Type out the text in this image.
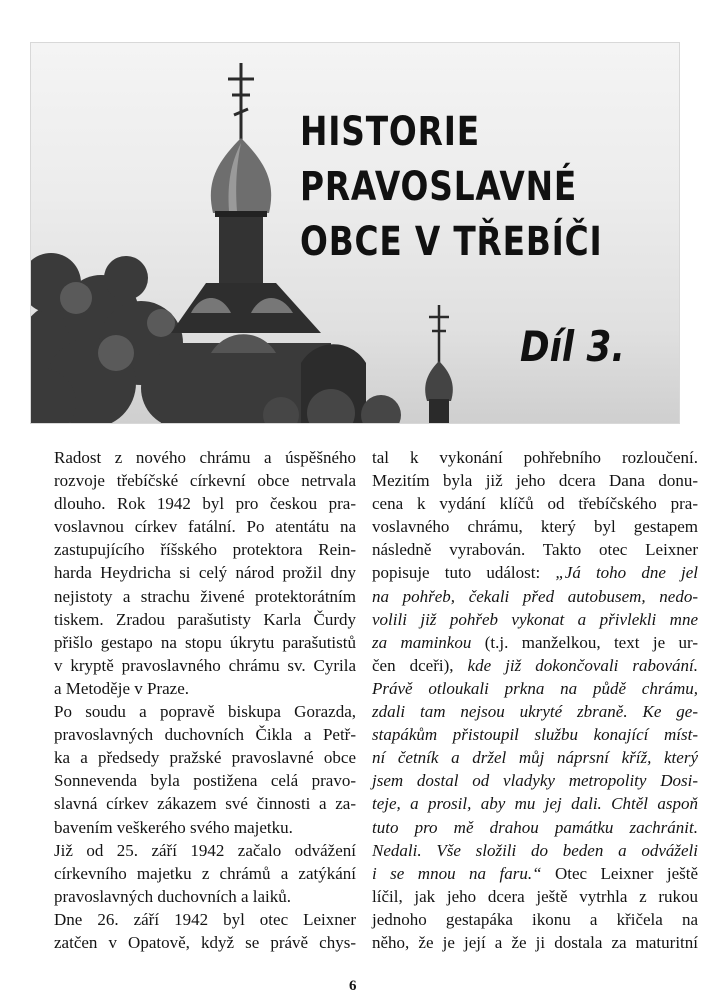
HISTORIE
PRAVOSLAVNÉ
OBCE V TŘEBÍČI
Díl 3.

Radost z nového chrámu a úspěšného
rozvoje třebíčské církevní obce netrvala
dlouho. Rok 1942 byl pro českou pra-
voslavnou církev fatální. Po atentátu na
zastupujícího říšského protektora Rein-
harda Heydricha si celý národ prožil dny
nejistoty a strachu živené protektorátním
tiskem. Zradou parašutisty Karla Čurdy
přišlo gestapo na stopu úkrytu parašutistů
v kryptě pravoslavného chrámu sv. Cyrila
a Metoděje v Praze.

Po soudu a popravě biskupa Gorazda,
pravoslavných duchovních Čikla a Petř-
ka a předsedy pražské pravoslavné obce
Sonnevenda byla postižena celá pravo-
slavná církev zákazem své činnosti a za-
bavením veškerého svého majetku.

Již od 25. září 1942 začalo odvážení
církevního majetku z chrámů a zatýkání
pravoslavných duchovních a laiků.

Dne 26. září 1942 byl otec Leixner
zatčen v Opatově, když se právě chys-

tal k vykonání pohřebního rozloučení.
Mezitím byla již jeho dcera Dana donu-
cena k vydání klíčů od třebíčského pra-
voslavného chrámu, který byl gestapem
následně vyrabován. Takto otec Leixner
popisuje tuto událost: „Já toho dne jel
na pohřeb, čekali před autobusem, nedo-
volili již pohřeb vykonat a přivlekli mne
za maminkou (t.j. manželkou, text je ur-
čen dceři), kde již dokončovali rabování.
Právě otloukali prkna na půdě chrámu,
zdali tam nejsou ukryté zbraně. Ke ge-
stapákům přistoupil službu konající míst-
ní četník a držel můj náprsní kříž, který
jsem dostal od vladyky metropolity Dosi-
teje, a prosil, aby mu jej dali. Chtěl aspoň
tuto pro mě drahou památku zachránit.
Nedali. Vše složili do beden a odváželi
i se mnou na faru.“ Otec Leixner ještě
líčil, jak jeho dcera ještě vytrhla z rukou
jednoho gestapáka ikonu a křičela na
něho, že je její a že ji dostala za maturitní
6
